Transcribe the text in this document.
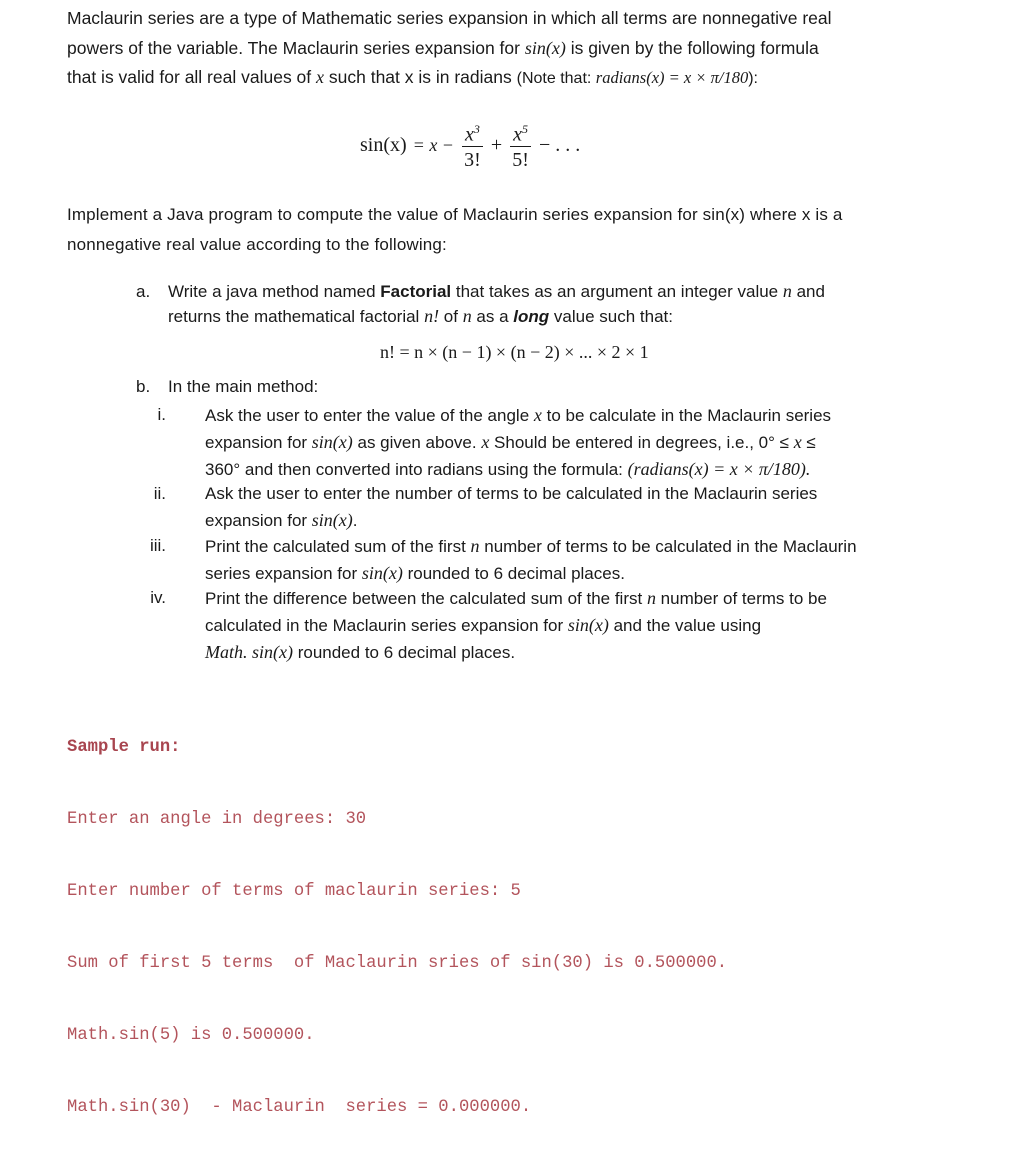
Maclaurin series are a type of Mathematic series expansion in which all terms are nonnegative real
powers of the variable. The Maclaurin series expansion for sin(x) is given by the following formula
that is valid for all real values of x such that x is in radians (Note that: radians(x) = x × π/180):
$\sin(x) = x - \frac{x^3}{3!} + \frac{x^5}{5!}$ − . . .
Implement a Java program to compute the value of Maclaurin series expansion for sin(x) where x is a
nonnegative real value according to the following:
a. Write a java method named Factorial that takes as an argument an integer value n and
returns the mathematical factorial n! of n as a long value such that:
n! = n × (n − 1) × (n − 2) × ... × 2 × 1
b. In the main method:
i. Ask the user to enter the value of the angle x to be calculate in the Maclaurin series
expansion for sin(x) as given above. x Should be entered in degrees, i.e., 0° ≤ x ≤
360° and then converted into radians using the formula: (radians(x) = x × π/180).
ii. Ask the user to enter the number of terms to be calculated in the Maclaurin series
expansion for sin(x).
iii. Print the calculated sum of the first n number of terms to be calculated in the Maclaurin
series expansion for sin(x) rounded to 6 decimal places.
iv. Print the difference between the calculated sum of the first n number of terms to be
calculated in the Maclaurin series expansion for sin(x) and the value using
Math. sin(x) rounded to 6 decimal places.

Sample run:

Enter an angle in degrees: 30

Enter number of terms of maclaurin series: 5

Sum of first 5 terms  of Maclaurin sries of sin(30) is 0.500000.

Math.sin(5) is 0.500000.

Math.sin(30)  - Maclaurin  series = 0.000000.
